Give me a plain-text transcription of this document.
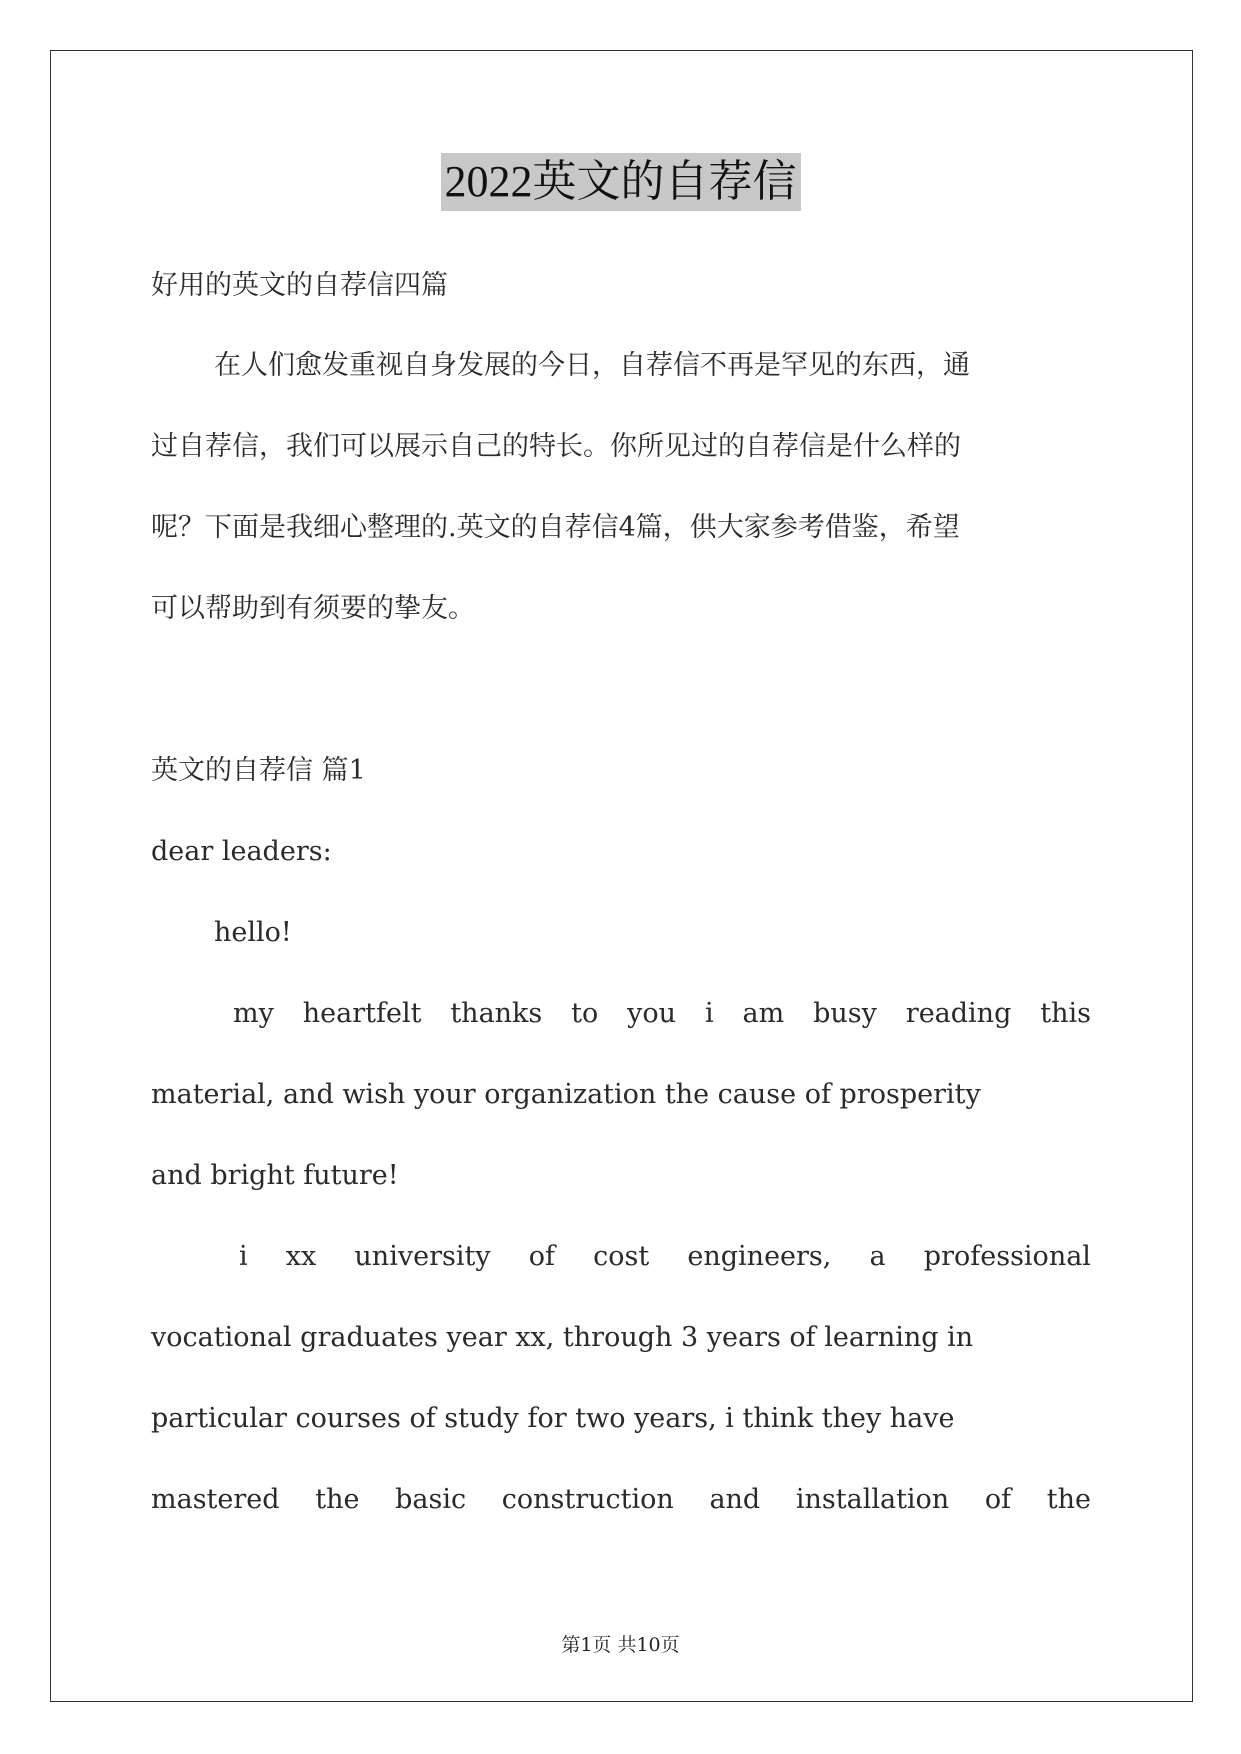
2022英文的自荐信
好用的英文的自荐信四篇
在人们愈发重视自身发展的今日，自荐信不再是罕见的东西，通
过自荐信，我们可以展示自己的特长。你所见过的自荐信是什么样的
呢？下面是我细心整理的.英文的自荐信4篇，供大家参考借鉴，希望
可以帮助到有须要的挚友。
英文的自荐信 篇1
dear leaders:
hello!
my heartfelt thanks to you i am busy reading this
material, and wish your organization the cause of prosperity
and bright future!
i xx university of cost engineers, a professional
vocational graduates year xx, through 3 years of learning in
particular courses of study for two years, i think they have
mastered the basic construction and installation of the
第1页 共10页
